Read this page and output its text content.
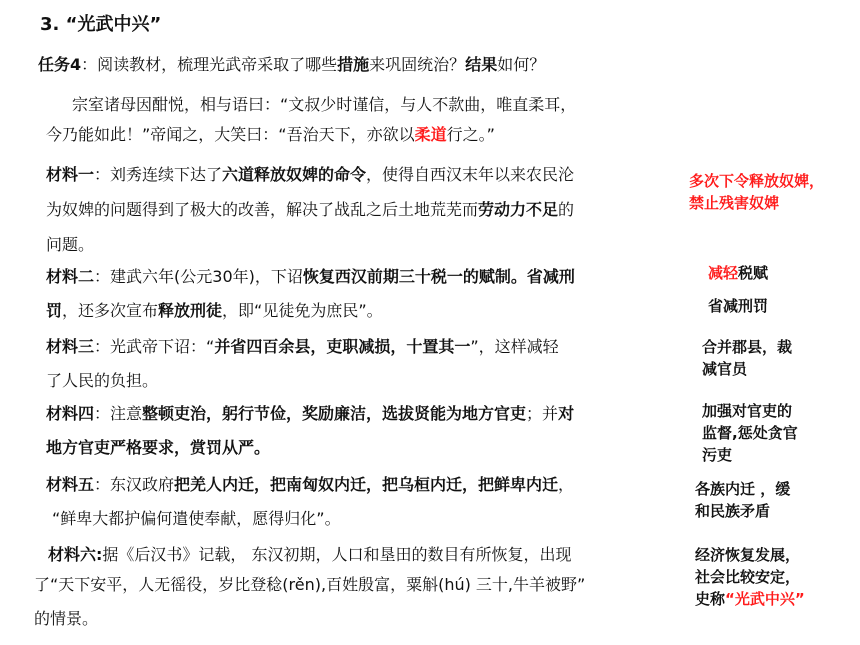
3. “光武中兴”
任务4：阅读教材，梳理光武帝采取了哪些措施来巩固统治？结果如何？
宗室诸母因酣悦，相与语曰：“文叔少时谨信，与人不款曲，唯直柔耳，
今乃能如此！”帝闻之，大笑曰：“吾治天下，亦欲以柔道行之。”
材料一：刘秀连续下达了六道释放奴婢的命令，使得自西汉末年以来农民沦
为奴婢的问题得到了极大的改善，解决了战乱之后土地荒芜而劳动力不足的
问题。
材料二：建武六年(公元30年)，下诏恢复西汉前期三十税一的赋制。省减刑
罚，还多次宣布释放刑徒，即“见徒免为庶民”。
材料三：光武帝下诏：“并省四百余县，吏职减损，十置其一”，这样减轻
了人民的负担。
材料四：注意整顿吏治，躬行节俭，奖励廉洁，选拔贤能为地方官吏；并对
地方官吏严格要求，赏罚从严。
材料五：东汉政府把羌人内迁，把南匈奴内迁，把乌桓内迁，把鲜卑内迁，
“鲜卑大都护偏何遣使奉献，愿得归化”。
材料六:据《后汉书》记载， 东汉初期，人口和垦田的数目有所恢复，出现
了“天下安平，人无徭役，岁比登稔(rěn),百姓殷富，粟斛(hú) 三十,牛羊被野”
的情景。
多次下令释放奴婢，
禁止残害奴婢
减轻税赋
省减刑罚
合并郡县，裁
减官员
加强对官吏的
监督,惩处贪官
污吏
各族内迁 ，缓
和民族矛盾
经济恢复发展，
社会比较安定，
史称“光武中兴”
